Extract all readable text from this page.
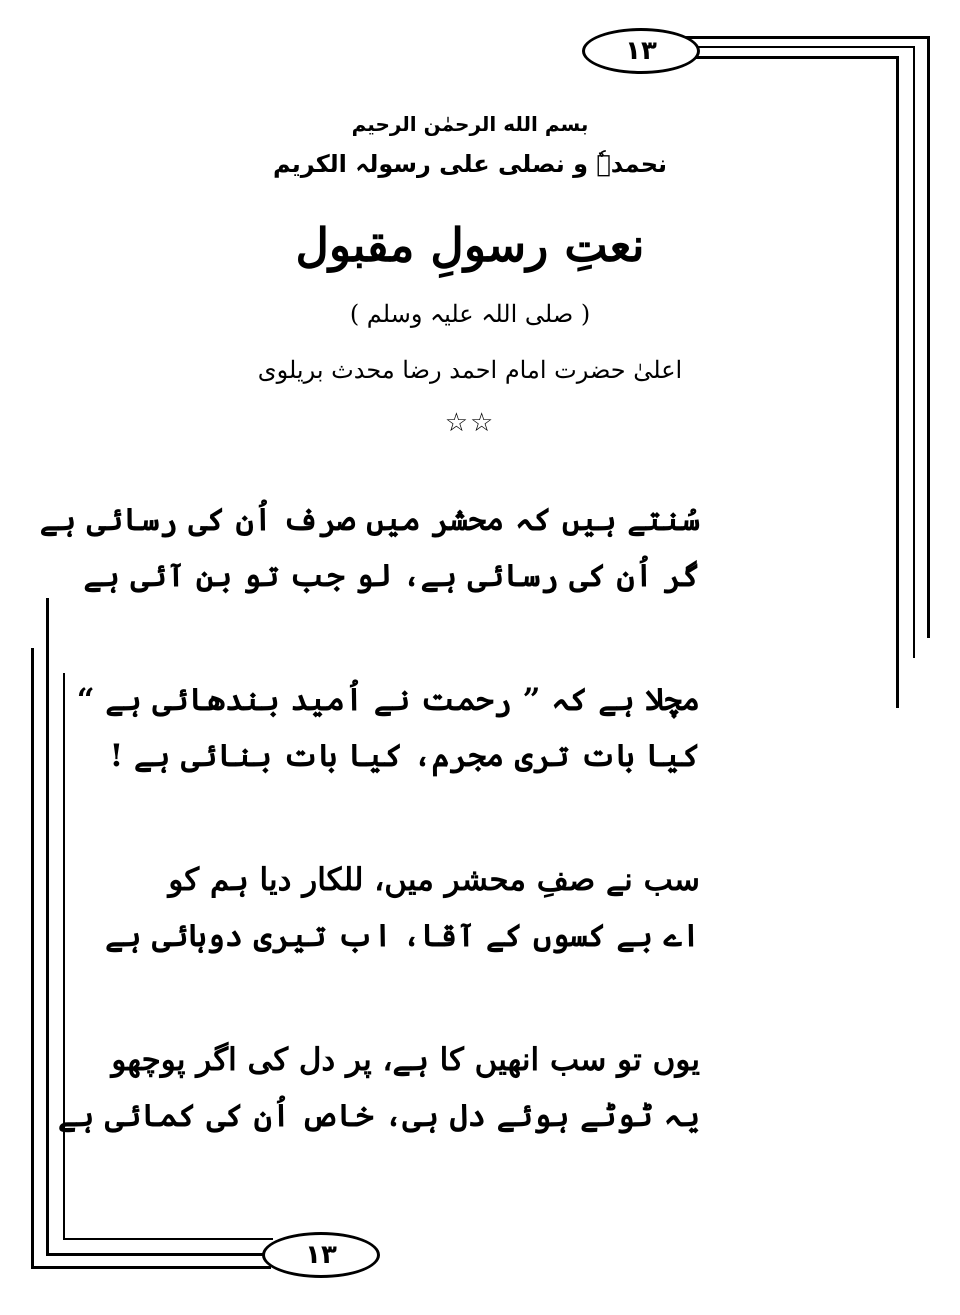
۱۳
۱۳
بسم الله الرحمٰن الرحیم
نحمدہٗ و نصلی علی رسولہ الکریم
نعتِ رسولِ مقبول
( صلی اللہ علیہ وسلم )
اعلیٰ حضرت امام احمد رضا محدث بریلوی
☆☆
سُنتے ہیں کہ محشر میں صرف اُن کی رسائی ہے
گر اُن کی رسائی ہے، لو جب تو بن آئی ہے
مچلا ہے کہ ” رحمت نے اُمید بندھائی ہے “
کیا بات تری مجرم، کیا بات بنائی ہے !
سب نے صفِ محشر میں، للکار دیا ہم کو
اے بے کسوں کے آقا، اب تیری دوہائی ہے
یوں تو سب انھیں کا ہے، پر دل کی اگر پوچھو
یہ ٹوٹے ہوئے دل ہی، خاص اُن کی کمائی ہے
